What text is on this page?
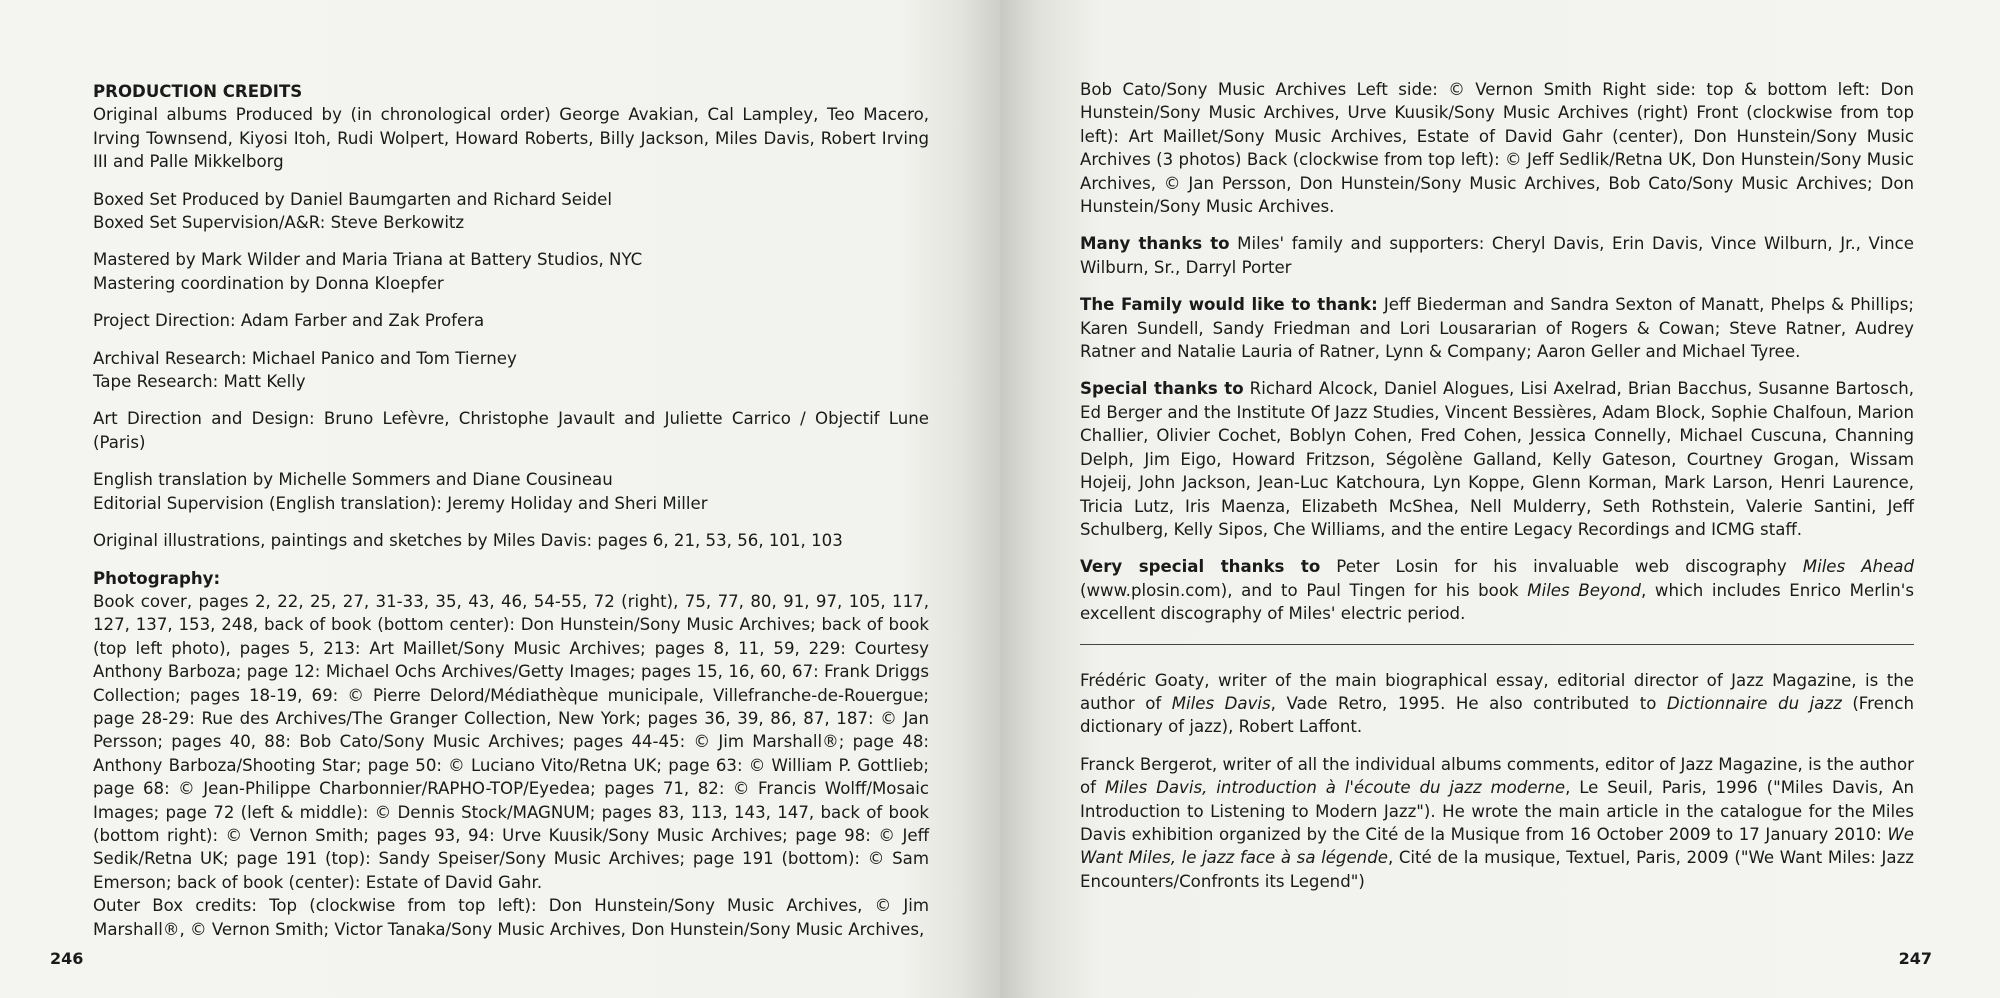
PRODUCTION CREDITS

Original albums Produced by (in chronological order) George Avakian, Cal Lampley, Teo Macero, Irving Townsend, Kiyosi Itoh, Rudi Wolpert, Howard Roberts, Billy Jackson, Miles Davis, Robert Irving III and Palle Mikkelborg

Boxed Set Produced by Daniel Baumgarten and Richard Seidel

Boxed Set Supervision/A&R: Steve Berkowitz

Mastered by Mark Wilder and Maria Triana at Battery Studios, NYC

Mastering coordination by Donna Kloepfer

Project Direction: Adam Farber and Zak Profera

Archival Research: Michael Panico and Tom Tierney

Tape Research: Matt Kelly

Art Direction and Design: Bruno Lefèvre, Christophe Javault and Juliette Carrico / Objectif Lune (Paris)

English translation by Michelle Sommers and Diane Cousineau

Editorial Supervision (English translation): Jeremy Holiday and Sheri Miller

Original illustrations, paintings and sketches by Miles Davis: pages 6, 21, 53, 56, 101, 103

Photography:

Book cover, pages 2, 22, 25, 27, 31-33, 35, 43, 46, 54-55, 72 (right), 75, 77, 80, 91, 97, 105, 117, 127, 137, 153, 248, back of book (bottom center): Don Hunstein/Sony Music Archives; back of book (top left photo), pages 5, 213: Art Maillet/Sony Music Archives; pages 8, 11, 59, 229: Courtesy Anthony Barboza; page 12: Michael Ochs Archives/Getty Images; pages 15, 16, 60, 67: Frank Driggs Collection; pages 18-19, 69: © Pierre Delord/Médiathèque municipale, Villefranche-de-Rouergue; page 28-29: Rue des Archives/The Granger Collection, New York; pages 36, 39, 86, 87, 187: © Jan Persson; pages 40, 88: Bob Cato/Sony Music Archives; pages 44-45: © Jim Marshall®; page 48: Anthony Barboza/Shooting Star; page 50: © Luciano Vito/Retna UK; page 63: © William P. Gottlieb; page 68: © Jean-Philippe Charbonnier/RAPHO-TOP/Eyedea; pages 71, 82: © Francis Wolff/Mosaic Images; page 72 (left & middle): © Dennis Stock/MAGNUM; pages 83, 113, 143, 147, back of book (bottom right): © Vernon Smith; pages 93, 94: Urve Kuusik/Sony Music Archives; page 98: © Jeff Sedik/Retna UK; page 191 (top): Sandy Speiser/Sony Music Archives; page 191 (bottom): © Sam Emerson; back of book (center): Estate of David Gahr.

Outer Box credits: Top (clockwise from top left): Don Hunstein/Sony Music Archives, © Jim Marshall®, © Vernon Smith; Victor Tanaka/Sony Music Archives, Don Hunstein/Sony Music Archives,

246

Bob Cato/Sony Music Archives Left side: © Vernon Smith Right side: top & bottom left: Don Hunstein/Sony Music Archives, Urve Kuusik/Sony Music Archives (right) Front (clockwise from top left): Art Maillet/Sony Music Archives, Estate of David Gahr (center), Don Hunstein/Sony Music Archives (3 photos) Back (clockwise from top left): © Jeff Sedlik/Retna UK, Don Hunstein/Sony Music Archives, © Jan Persson, Don Hunstein/Sony Music Archives, Bob Cato/Sony Music Archives; Don Hunstein/Sony Music Archives.

Many thanks to Miles' family and supporters: Cheryl Davis, Erin Davis, Vince Wilburn, Jr., Vince Wilburn, Sr., Darryl Porter

The Family would like to thank: Jeff Biederman and Sandra Sexton of Manatt, Phelps & Phillips; Karen Sundell, Sandy Friedman and Lori Lousararian of Rogers & Cowan; Steve Ratner, Audrey Ratner and Natalie Lauria of Ratner, Lynn & Company; Aaron Geller and Michael Tyree.

Special thanks to Richard Alcock, Daniel Alogues, Lisi Axelrad, Brian Bacchus, Susanne Bartosch, Ed Berger and the Institute Of Jazz Studies, Vincent Bessières, Adam Block, Sophie Chalfoun, Marion Challier, Olivier Cochet, Boblyn Cohen, Fred Cohen, Jessica Connelly, Michael Cuscuna, Channing Delph, Jim Eigo, Howard Fritzson, Ségolène Galland, Kelly Gateson, Courtney Grogan, Wissam Hojeij, John Jackson, Jean-Luc Katchoura, Lyn Koppe, Glenn Korman, Mark Larson, Henri Laurence, Tricia Lutz, Iris Maenza, Elizabeth McShea, Nell Mulderry, Seth Rothstein, Valerie Santini, Jeff Schulberg, Kelly Sipos, Che Williams, and the entire Legacy Recordings and ICMG staff.

Very special thanks to Peter Losin for his invaluable web discography Miles Ahead (www.plosin.com), and to Paul Tingen for his book Miles Beyond, which includes Enrico Merlin's excellent discography of Miles' electric period.

Frédéric Goaty, writer of the main biographical essay, editorial director of Jazz Magazine, is the author of Miles Davis, Vade Retro, 1995. He also contributed to Dictionnaire du jazz (French dictionary of jazz), Robert Laffont.

Franck Bergerot, writer of all the individual albums comments, editor of Jazz Magazine, is the author of Miles Davis, introduction à l'écoute du jazz moderne, Le Seuil, Paris, 1996 ("Miles Davis, An Introduction to Listening to Modern Jazz"). He wrote the main article in the catalogue for the Miles Davis exhibition organized by the Cité de la Musique from 16 October 2009 to 17 January 2010: We Want Miles, le jazz face à sa légende, Cité de la musique, Textuel, Paris, 2009 ("We Want Miles: Jazz Encounters/Confronts its Legend")

247
